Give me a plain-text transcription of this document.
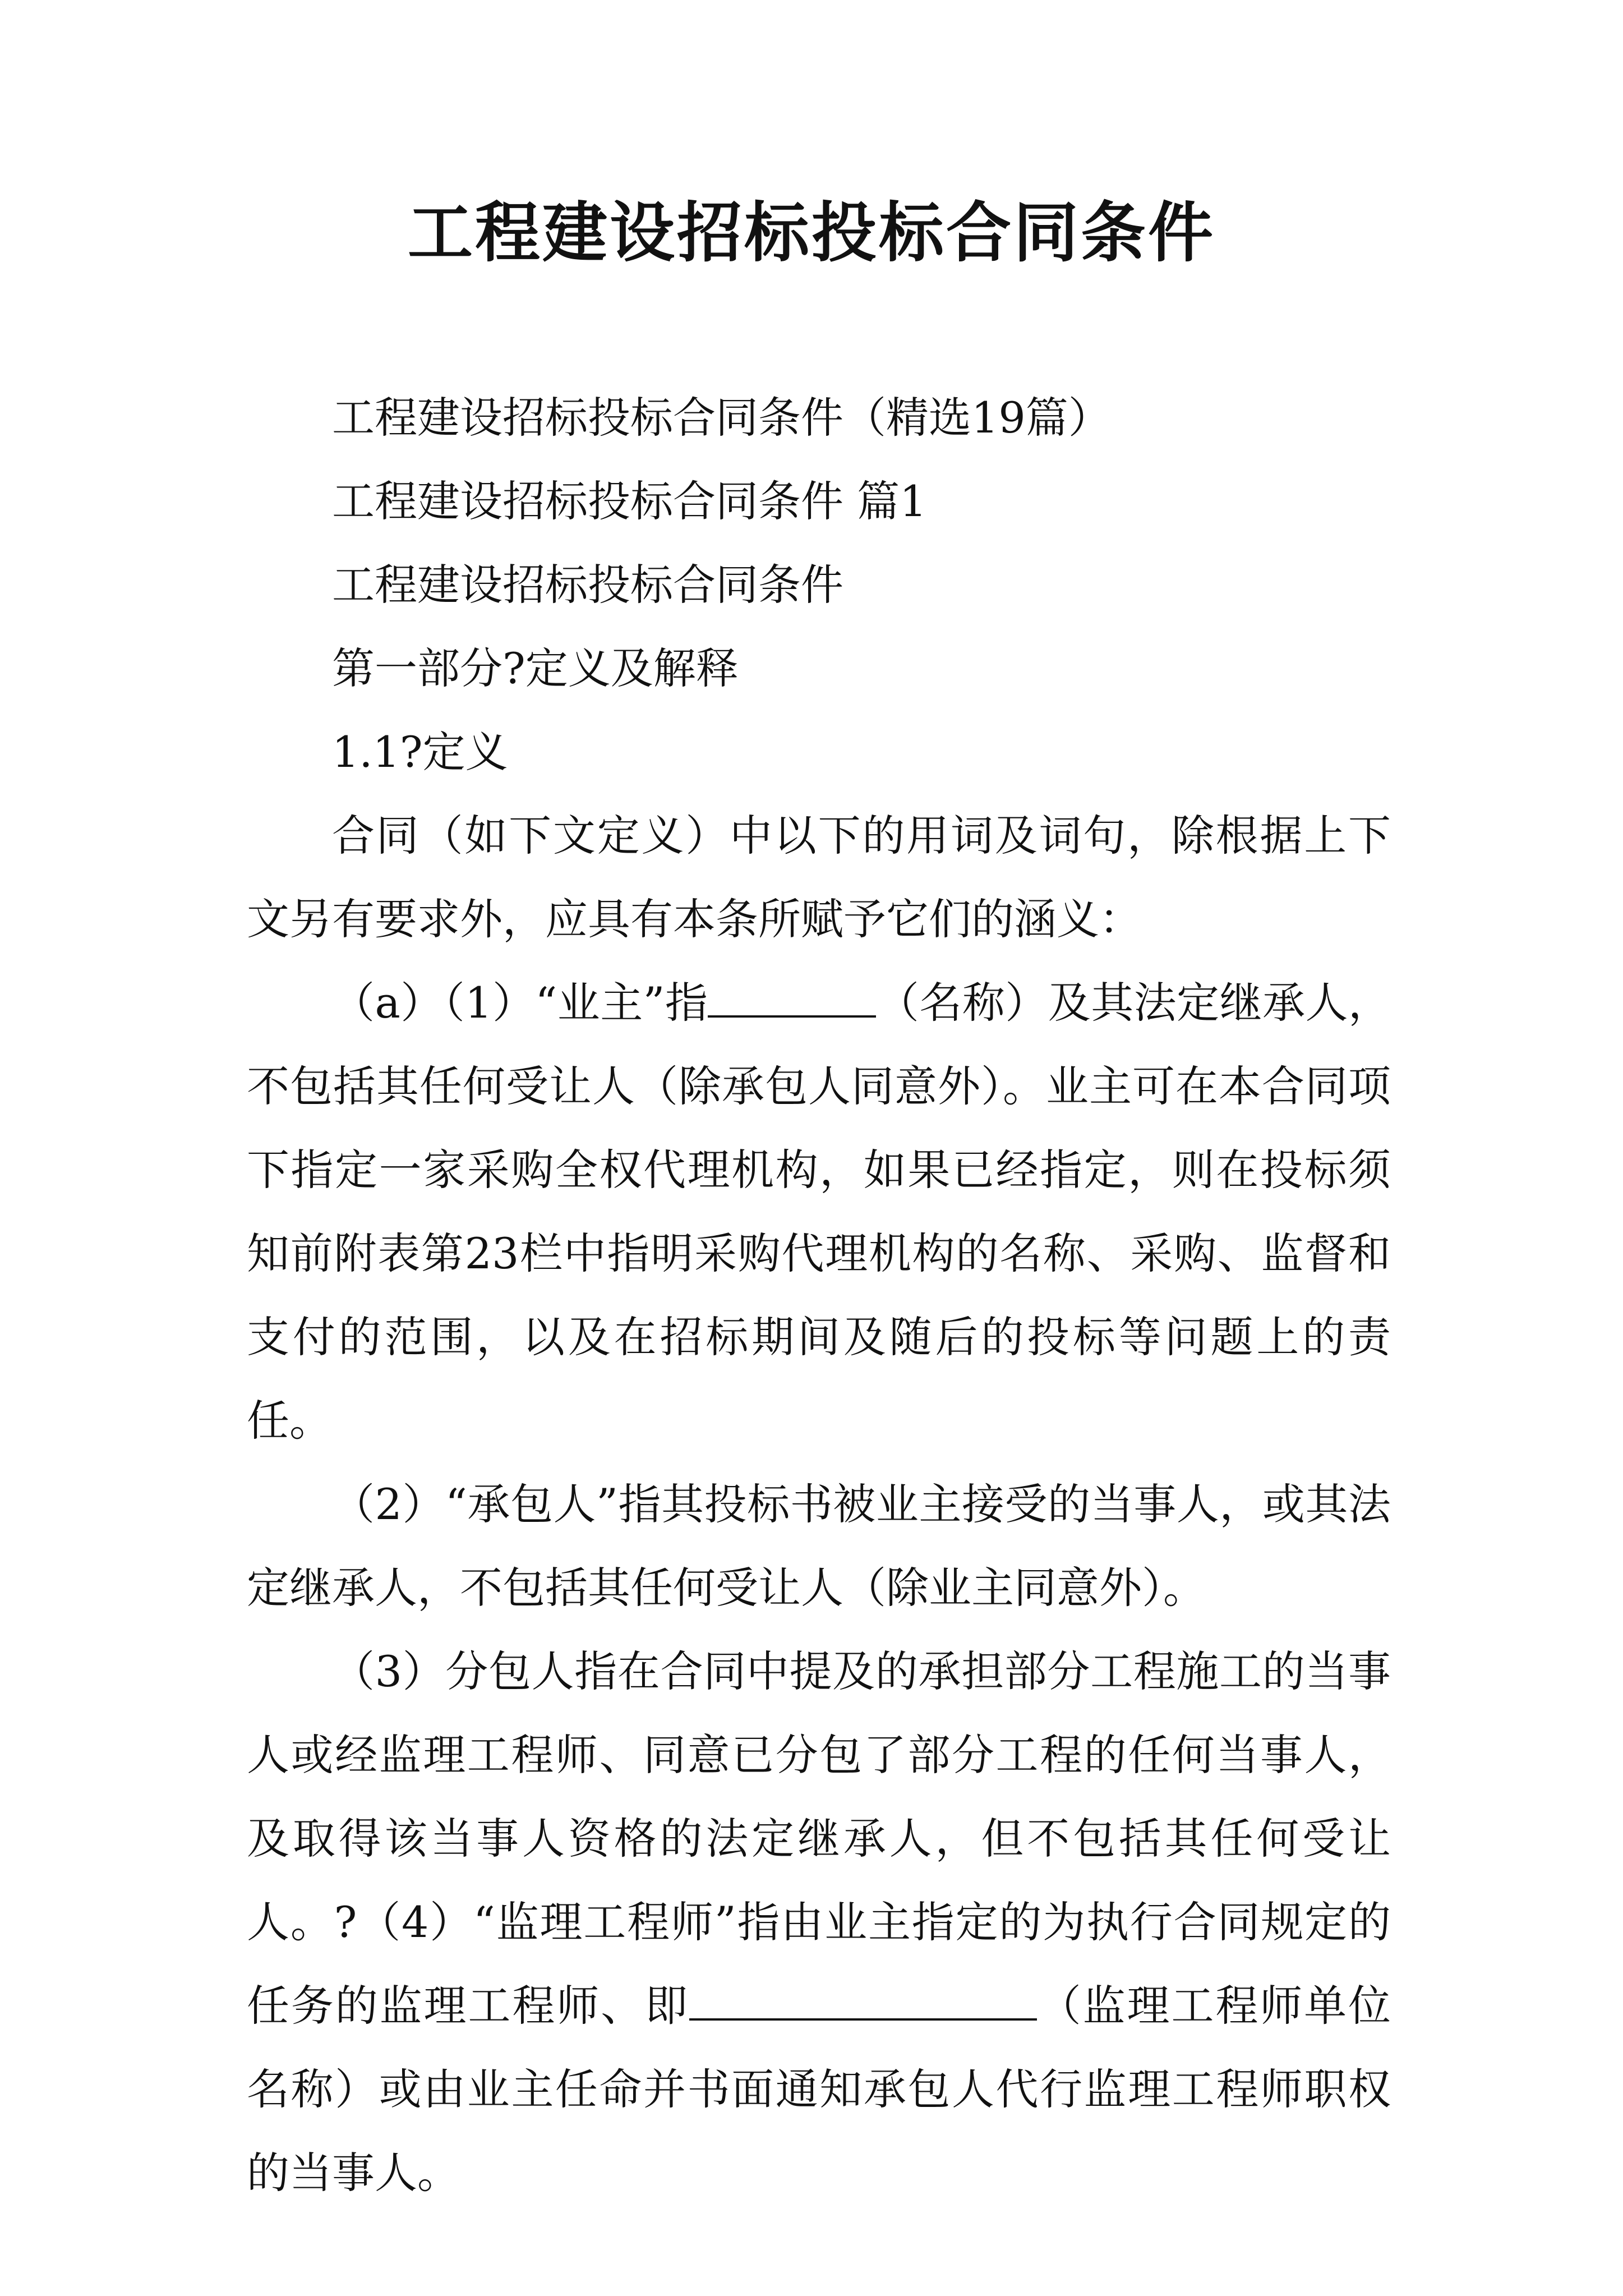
工程建设招标投标合同条件

工程建设招标投标合同条件（精选19篇）

工程建设招标投标合同条件 篇1

工程建设招标投标合同条件

第一部分?定义及解释

1.1?定义

合同（如下文定义）中以下的用词及词句，除根据上下文另有要求外，应具有本条所赋予它们的涵义：

（a）（1）“业主”指	（名称）及其法定继承人，不包括其任何受让人（除承包人同意外）。业主可在本合同项下指定一家采购全权代理机构，如果已经指定，则在投标须知前附表第23栏中指明采购代理机构的名称、采购、监督和支付的范围，以及在招标期间及随后的投标等问题上的责任。

（2）“承包人”指其投标书被业主接受的当事人，或其法定继承人，不包括其任何受让人（除业主同意外）。

（3）分包人指在合同中提及的承担部分工程施工的当事人或经监理工程师、同意已分包了部分工程的任何当事人，及取得该当事人资格的法定继承人，但不包括其任何受让人。?（4）“监理工程师”指由业主指定的为执行合同规定的任务的监理工程师、即	（监理工程师单位名称）或由业主任命并书面通知承包人代行监理工程师职权的当事人。
